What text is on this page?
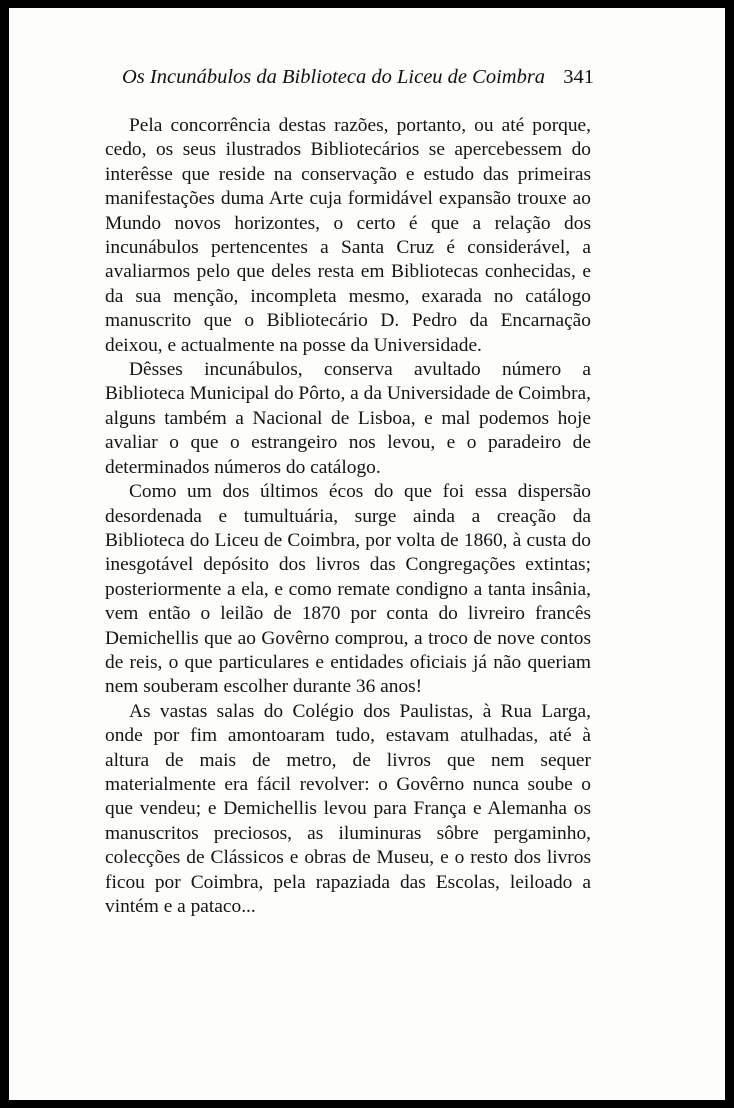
Os Incunábulos da Biblioteca do Liceu de Coimbra 341

Pela concorrência destas razões, portanto, ou até porque, cedo, os seus ilustrados Bibliotecários se apercebessem do interêsse que reside na conservação e estudo das primeiras manifestações duma Arte cuja formidável expansão trouxe ao Mundo novos horizontes, o certo é que a relação dos incunábulos pertencentes a Santa Cruz é considerável, a avaliarmos pelo que deles resta em Bibliotecas conhecidas, e da sua menção, incompleta mesmo, exarada no catálogo manuscrito que o Bibliotecário D. Pedro da Encarnação deixou, e actualmente na posse da Universidade.

Dêsses incunábulos, conserva avultado número a Biblioteca Municipal do Pôrto, a da Universidade de Coimbra, alguns também a Nacional de Lisboa, e mal podemos hoje avaliar o que o estrangeiro nos levou, e o paradeiro de determinados números do catálogo.

Como um dos últimos écos do que foi essa dispersão desordenada e tumultuária, surge ainda a creação da Biblioteca do Liceu de Coimbra, por volta de 1860, à custa do inesgotável depósito dos livros das Congregações extintas; posteriormente a ela, e como remate condigno a tanta insânia, vem então o leilão de 1870 por conta do livreiro francês Demichellis que ao Govêrno comprou, a troco de nove contos de reis, o que particulares e entidades oficiais já não queriam nem souberam escolher durante 36 anos!

As vastas salas do Colégio dos Paulistas, à Rua Larga, onde por fim amontoaram tudo, estavam atulhadas, até à altura de mais de metro, de livros que nem sequer materialmente era fácil revolver: o Govêrno nunca soube o que vendeu; e Demichellis levou para França e Alemanha os manuscritos preciosos, as iluminuras sôbre pergaminho, colecções de Clássicos e obras de Museu, e o resto dos livros ficou por Coimbra, pela rapaziada das Escolas, leiloado a vintém e a pataco...
